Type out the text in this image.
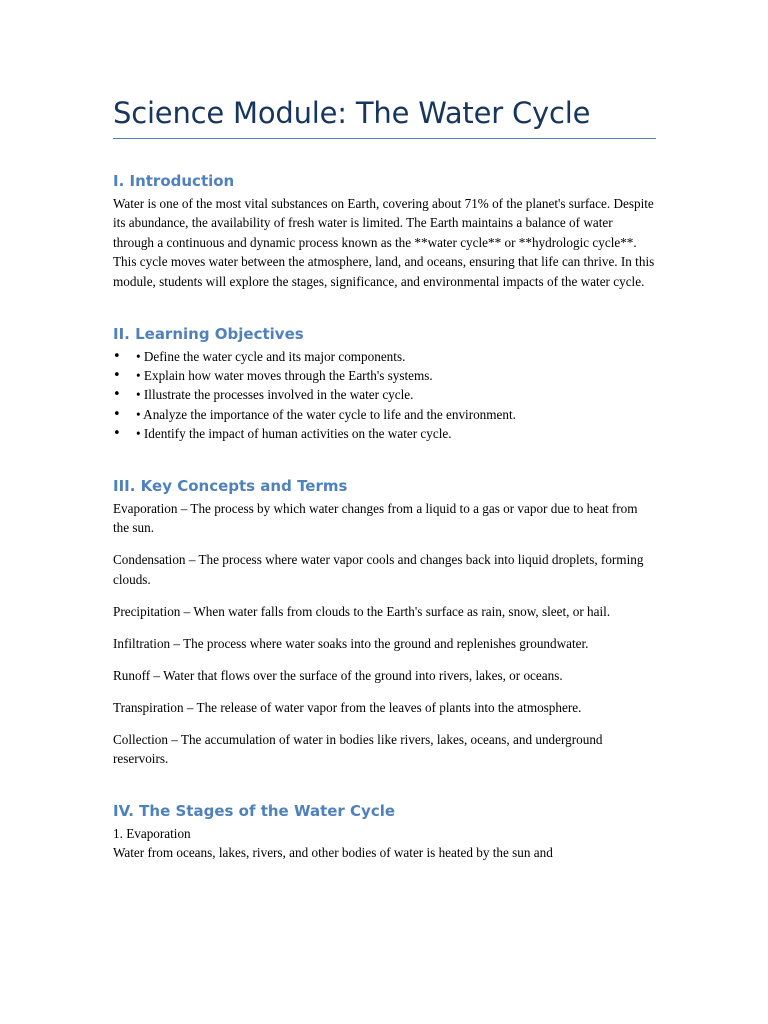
Science Module: The Water Cycle
I. Introduction

Water is one of the most vital substances on Earth, covering about 71% of the planet's surface. Despite its abundance, the availability of fresh water is limited. The Earth maintains a balance of water through a continuous and dynamic process known as the **water cycle** or **hydrologic cycle**. This cycle moves water between the atmosphere, land, and oceans, ensuring that life can thrive. In this module, students will explore the stages, significance, and environmental impacts of the water cycle.

II. Learning Objectives
• • Define the water cycle and its major components.
• • Explain how water moves through the Earth's systems.
• • Illustrate the processes involved in the water cycle.
• • Analyze the importance of the water cycle to life and the environment.
• • Identify the impact of human activities on the water cycle.
III. Key Concepts and Terms

Evaporation – The process by which water changes from a liquid to a gas or vapor due to heat from the sun.

Condensation – The process where water vapor cools and changes back into liquid droplets, forming clouds.

Precipitation – When water falls from clouds to the Earth's surface as rain, snow, sleet, or hail.

Infiltration – The process where water soaks into the ground and replenishes groundwater.

Runoff – Water that flows over the surface of the ground into rivers, lakes, or oceans.

Transpiration – The release of water vapor from the leaves of plants into the atmosphere.

Collection – The accumulation of water in bodies like rivers, lakes, oceans, and underground reservoirs.

IV. The Stages of the Water Cycle

1. Evaporation

Water from oceans, lakes, rivers, and other bodies of water is heated by the sun and
